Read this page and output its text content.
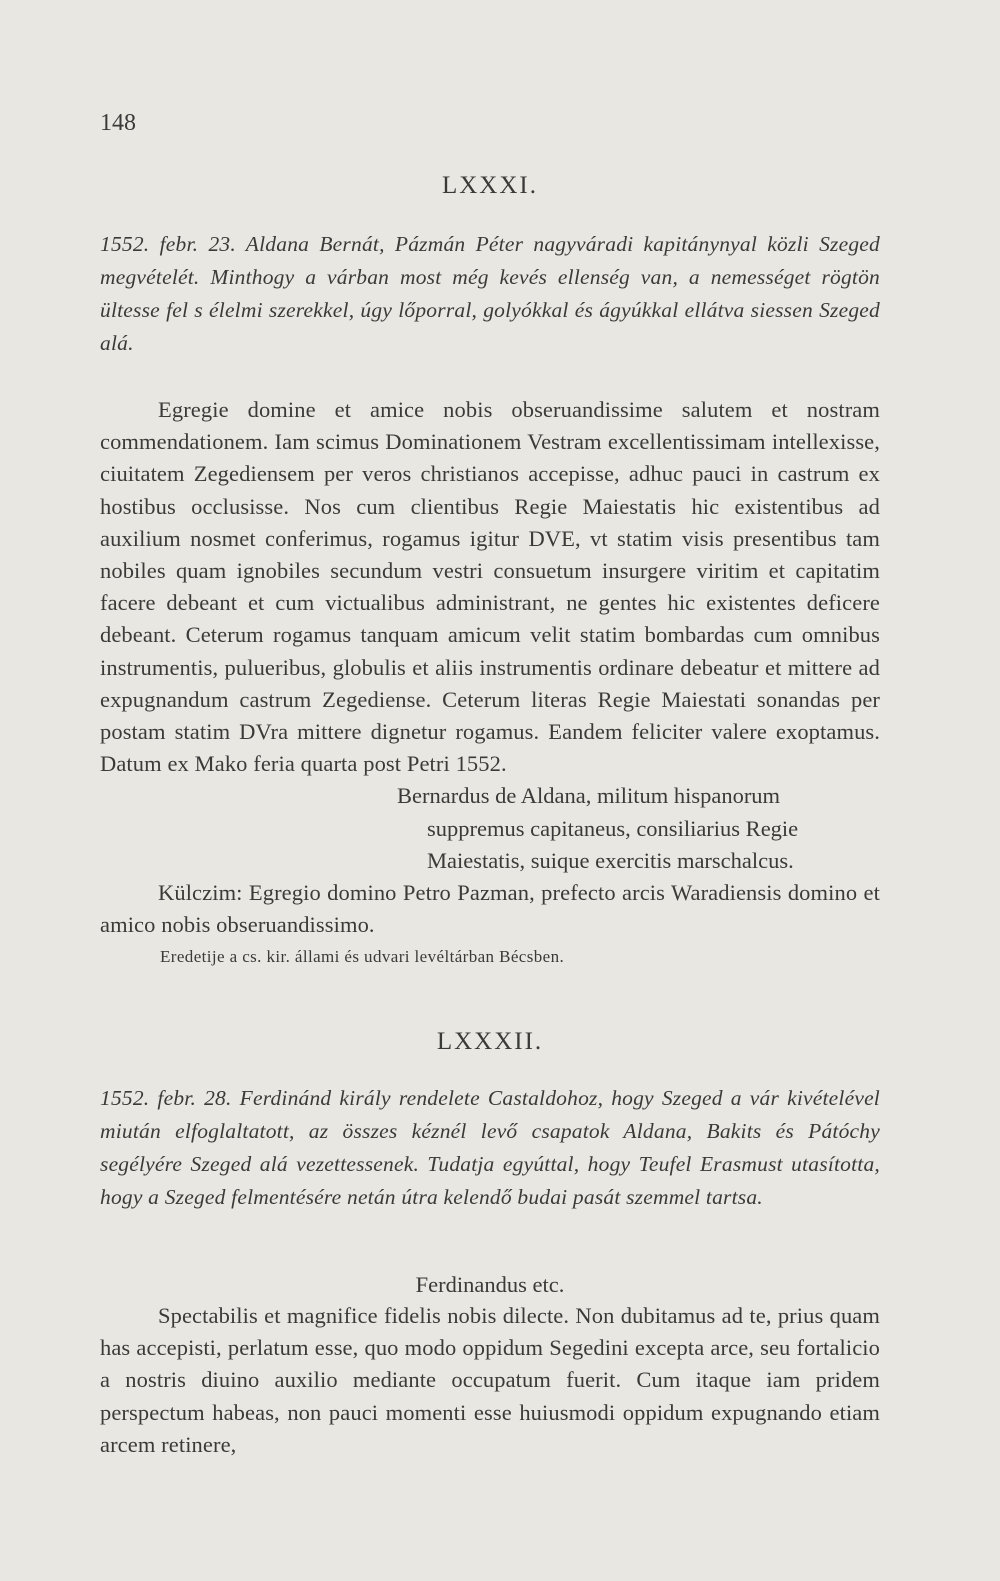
148
LXXXI.

1552. febr. 23. Aldana Bernát, Pázmán Péter nagyváradi kapitánynyal közli Szeged megvételét. Minthogy a várban most még kevés ellenség van, a nemességet rögtön ültesse fel s élelmi szerekkel, úgy lőporral, golyókkal és ágyúkkal ellátva siessen Szeged alá.

Egregie domine et amice nobis obseruandissime salutem et nostram commendationem. Iam scimus Dominationem Vestram excellentissimam intellexisse, ciuitatem Zegediensem per veros christianos accepisse, adhuc pauci in castrum ex hostibus occlusisse. Nos cum clientibus Regie Maiestatis hic existentibus ad auxilium nosmet conferimus, rogamus igitur DVE, vt statim visis presentibus tam nobiles quam ignobiles secundum vestri consuetum insurgere viritim et capitatim facere debeant et cum victualibus administrant, ne gentes hic existentes deficere debeant. Ceterum rogamus tanquam amicum velit statim bombardas cum omnibus instrumentis, pulueribus, globulis et aliis instrumentis ordinare debeatur et mittere ad expugnandum castrum Zegediense. Ceterum literas Regie Maiestati sonandas per postam statim DVra mittere dignetur rogamus. Eandem feliciter valere exoptamus. Datum ex Mako feria quarta post Petri 1552.

Bernardus de Aldana, militum hispanorum
suppremus capitaneus, consiliarius Regie
Maiestatis, suique exercitis marschalcus.

Külczim: Egregio domino Petro Pazman, prefecto arcis Waradiensis domino et amico nobis obseruandissimo.

Eredetije a cs. kir. állami és udvari levéltárban Bécsben.
LXXXII.

1552. febr. 28. Ferdinánd király rendelete Castaldohoz, hogy Szeged a vár kivételével miután elfoglaltatott, az összes kéznél levő csapatok Aldana, Bakits és Pátóchy segélyére Szeged alá vezettessenek. Tudatja egyúttal, hogy Teufel Erasmust utasította, hogy a Szeged felmentésére netán útra kelendő budai pasát szemmel tartsa.

Ferdinandus etc.

Spectabilis et magnifice fidelis nobis dilecte. Non dubitamus ad te, prius quam has accepisti, perlatum esse, quo modo oppidum Segedini excepta arce, seu fortalicio a nostris diuino auxilio mediante occupatum fuerit. Cum itaque iam pridem perspectum habeas, non pauci momenti esse huiusmodi oppidum expugnando etiam arcem retinere,
